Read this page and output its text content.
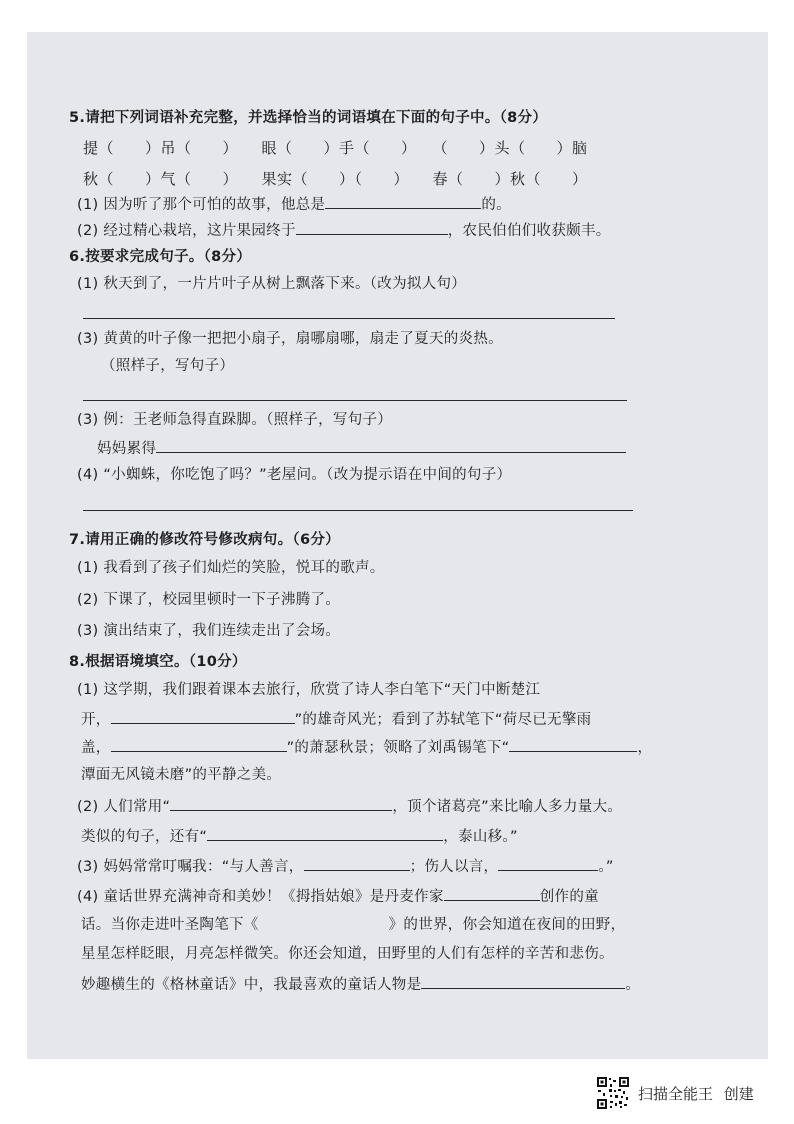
5.请把下列词语补充完整，并选择恰当的词语填在下面的句子中。（8分）
提（　　）吊（　　）　　眼（　　）手（　　）　　（　　）头（　　）脑
秋（　　）气（　　）　　果实（　　）（　　）　　春（　　）秋（　　）
(1) 因为听了那个可怕的故事，他总是	的。
(2) 经过精心栽培，这片果园终于	，农民伯伯们收获颇丰。
6.按要求完成句子。（8分）
(1) 秋天到了，一片片叶子从树上飘落下来。（改为拟人句）
(3) 黄黄的叶子像一把把小扇子，扇哪扇哪，扇走了夏天的炎热。
（照样子，写句子）
(3) 例：王老师急得直跺脚。（照样子，写句子）
妈妈累得
(4) “小蜘蛛，你吃饱了吗？”老屋问。（改为提示语在中间的句子）
7.请用正确的修改符号修改病句。（6分）
(1) 我看到了孩子们灿烂的笑脸，悦耳的歌声。
(2) 下课了，校园里顿时一下子沸腾了。
(3) 演出结束了，我们连续走出了会场。
8.根据语境填空。（10分）
(1) 这学期，我们跟着课本去旅行，欣赏了诗人李白笔下“天门中断楚江
开，	”的雄奇风光；看到了苏轼笔下“荷尽已无擎雨
盖，	”的萧瑟秋景；领略了刘禹锡笔下“	，
潭面无风镜未磨”的平静之美。
(2) 人们常用“	，顶个诸葛亮”来比喻人多力量大。
类似的句子，还有“	，泰山移。”
(3) 妈妈常常叮嘱我：“与人善言，	；伤人以言，	。”
(4) 童话世界充满神奇和美妙！《拇指姑娘》是丹麦作家	创作的童
话。当你走进叶圣陶笔下《	》的世界，你会知道在夜间的田野，
星星怎样眨眼，月亮怎样微笑。你还会知道，田野里的人们有怎样的辛苦和悲伤。
妙趣横生的《格林童话》中，我最喜欢的童话人物是	。
扫描全能王 创建
